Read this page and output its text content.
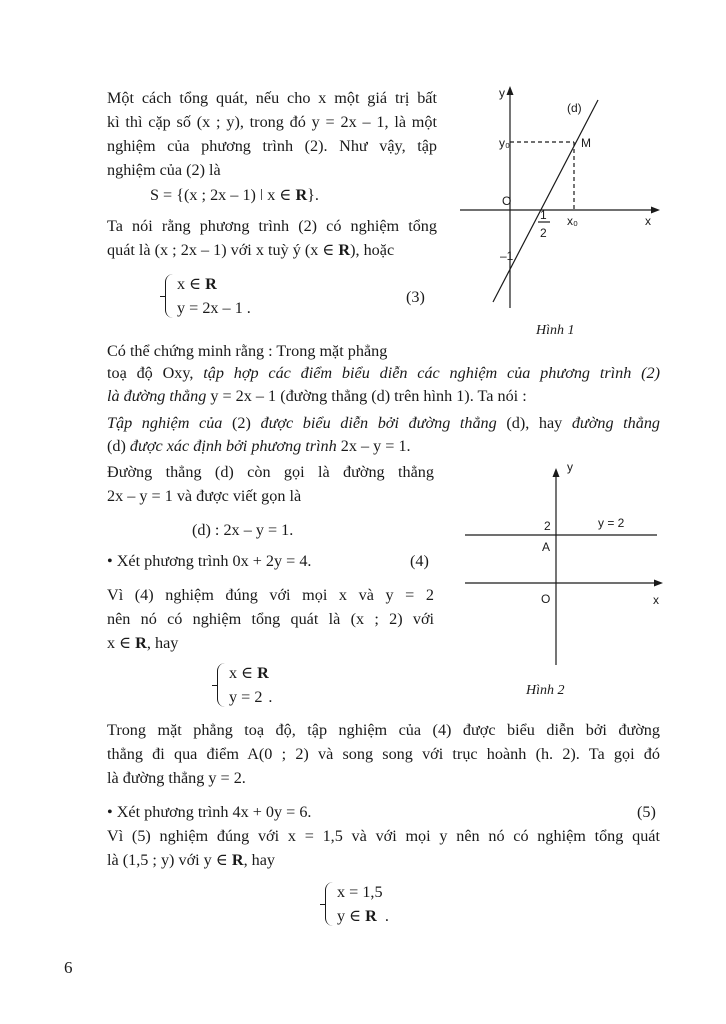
Một cách tổng quát, nếu cho x một giá trị bất
kì thì cặp số (x ; y), trong đó y = 2x – 1, là một
nghiệm của phương trình (2). Như vậy, tập
nghiệm của (2) là
S = {(x ; 2x – 1) ǀ x ∈ R}.
Ta nói rằng phương trình (2) có nghiệm tổng
quát là (x ; 2x – 1) với x tuỳ ý (x ∈ R), hoặc
x ∈ R
y = 2x – 1 .
(3)
y
x
O
(d)
M
y₀
x₀
1
2
–1
Hình 1
Có thể chứng minh rằng : Trong mặt phẳng
toạ độ Oxy, tập hợp các điểm biểu diễn các nghiệm của phương trình (2)
là đường thẳng y = 2x – 1 (đường thẳng (d) trên hình 1). Ta nói :
Tập nghiệm của (2) được biểu diễn bởi đường thẳng (d), hay đường thẳng
(d) được xác định bởi phương trình 2x – y = 1.
Đường thẳng (d) còn gọi là đường thẳng
2x – y = 1 và được viết gọn là
(d) : 2x – y = 1.
• Xét phương trình 0x + 2y = 4.	(4)
Vì (4) nghiệm đúng với mọi x và y = 2
nên nó có nghiệm tổng quát là (x ; 2) với
x ∈ R, hay
x ∈ R
y = 2 .
y
x
O
2
A
y = 2
Hình 2
Trong mặt phẳng toạ độ, tập nghiệm của (4) được biểu diễn bởi đường
thẳng đi qua điểm A(0 ; 2) và song song với trục hoành (h. 2). Ta gọi đó
là đường thẳng y = 2.
• Xét phương trình 4x + 0y = 6.	(5)
Vì (5) nghiệm đúng với x = 1,5 và với mọi y nên nó có nghiệm tổng quát
là (1,5 ; y) với y ∈ R, hay
x = 1,5
y ∈ R .
6
